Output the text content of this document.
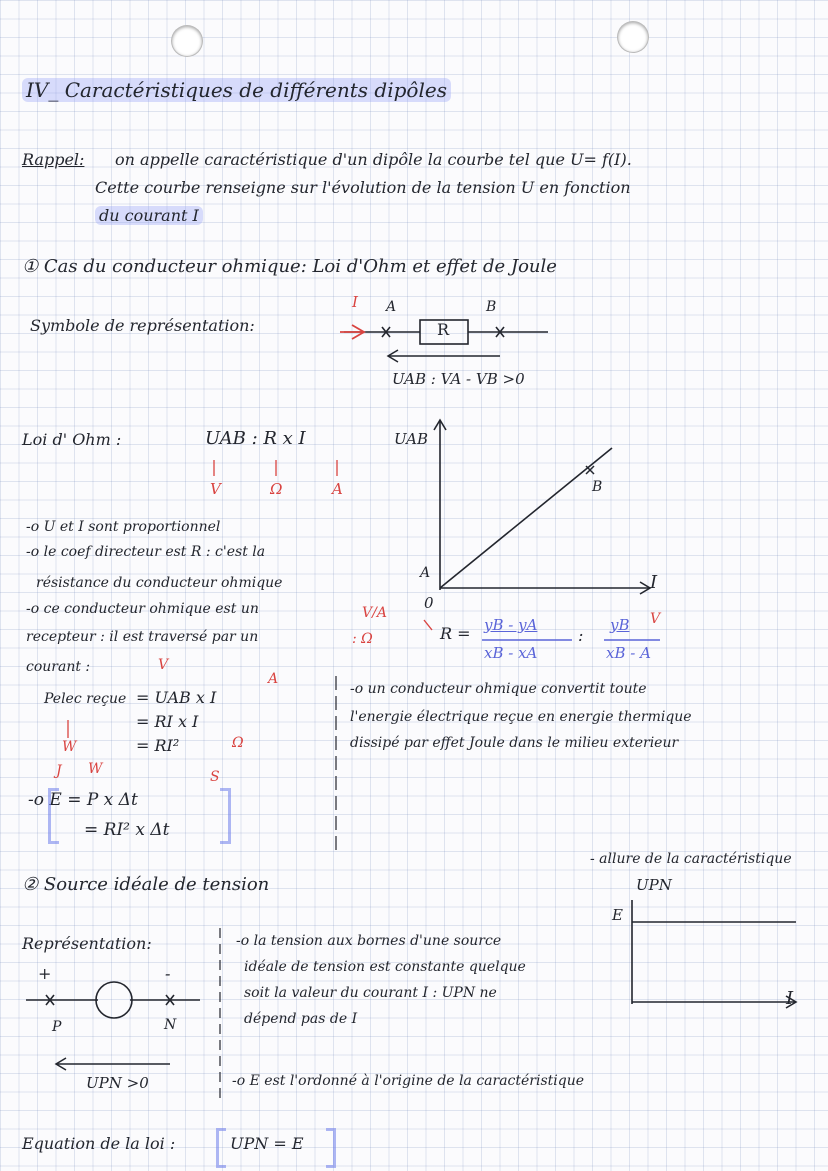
IV_ Caractéristiques de différents dipôles
Rappel: on appelle caractéristique d'un dipôle la courbe tel que U= f(I).
Cette courbe renseigne sur l'évolution de la tension U en fonction
du courant I
① Cas du conducteur ohmique: Loi d'Ohm et effet de Joule
Symbole de représentation:
I A	B
R
UAB : VA - VB >0
Loi d' Ohm :	UAB : R x I
V	Ω	A
-o U et I sont proportionnel
-o le coef directeur est R : c'est la
résistance du conducteur ohmique
-o ce conducteur ohmique est un
recepteur : il est traversé par un
courant :
Pelec reçue = UAB x I
= RI x I
= RI²
V
A
W	Ω
J W	S
-o E = P x Δt
= RI² x Δt
UAB
I
0
A
B
V/A
: Ω	R = yB - yA
xB - xA
:
yB
xB - A
V
-o un conducteur ohmique convertit toute
l'energie électrique reçue en energie thermique
dissipé par effet Joule dans le milieu exterieur
② Source idéale de tension
- allure de la caractéristique
Représentation:
+	-
P	N
UPN >0
-o la tension aux bornes d'une source
idéale de tension est constante quelque
soit la valeur du courant I : UPN ne
dépend pas de I
-o E est l'ordonné à l'origine de la caractéristique
UPN
E
I
Equation de la loi :	UPN = E
